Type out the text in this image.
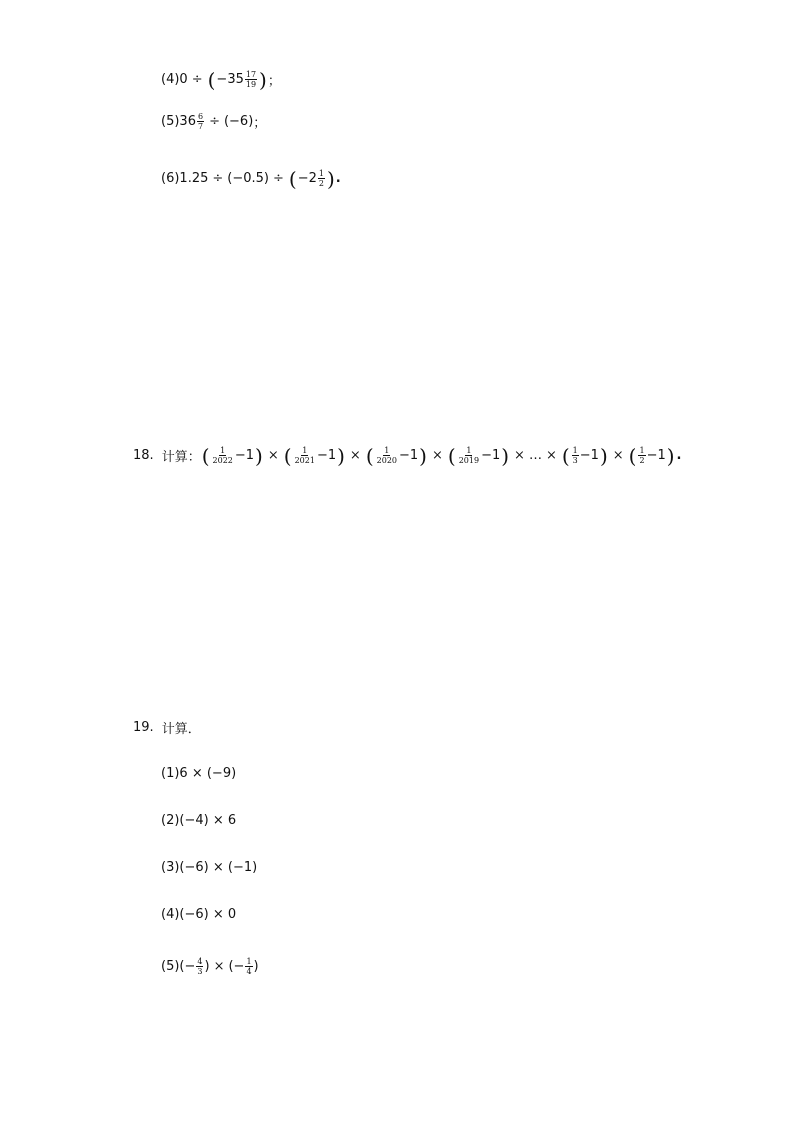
(4) 0 ÷ ( $-35 \frac{17}{19}$ ) ；
(5) $36 \frac{6}{7} \div (-6)$ ；
(6) 1.25 ÷ (−0.5) ÷ ( $-2 \frac{1}{2}$ ) .
18. 计算： ( $\frac{1}{2022} -1$ ) × ( $\frac{1}{2021} -1$ ) × ( $\frac{1}{2020} -1$ ) × ( $\frac{1}{2019} -1$ ) × … × ( $\frac{1}{3} -1$ ) × ( $\frac{1}{2} -1$ ) .
19. 计算．
(1) 6 × (−9)
(2) (−4) × 6
(3) (−6) × (−1)
(4) (−6) × 0
(5) (− $\frac{4}{3}$ ) × (− $\frac{1}{4}$ )
